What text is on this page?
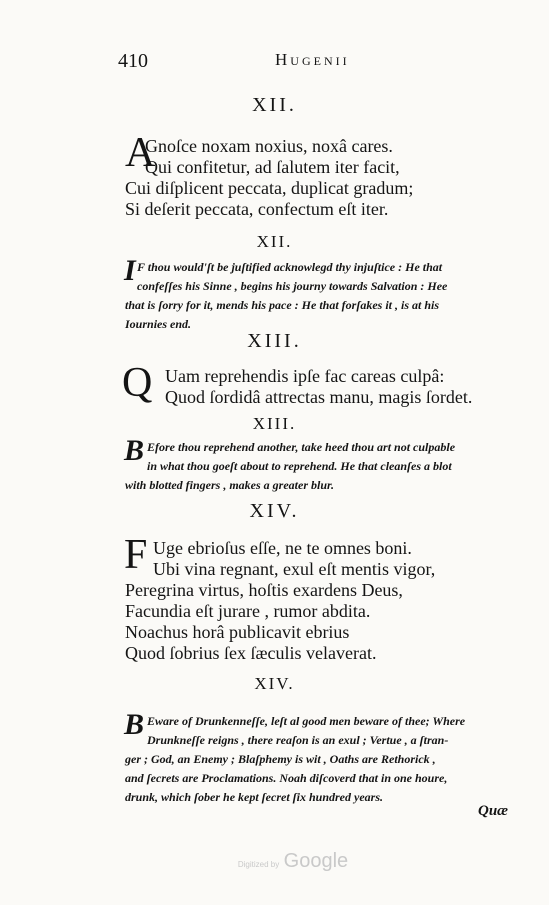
410	Hugenii
XII.
A
Gnoſce noxam noxius, noxâ cares.
Qui confitetur, ad ſalutem iter facit,
Cui diſplicent peccata, duplicat gradum;
Si deſerit peccata, confectum eſt iter.
XII.
I F thou would'ſt be juſtified acknowlegd thy injuſtice : He that
confeſſes his Sinne , begins his journy towards Salvation : Hee
that is ſorry for it, mends his pace : He that forſakes it , is at his
Iournies end.
XIII.
Q Uam reprehendis ipſe fac careas culpâ:
Quod ſordidâ attrectas manu, magis ſordet.
XIII.
B Efore thou reprehend another, take heed thou art not culpable
in what thou goeſt about to reprehend. He that cleanſes a blot
with blotted fingers , makes a greater blur.
XIV.
F Uge ebrioſus eſſe, ne te omnes boni.
Ubi vina regnant, exul eſt mentis vigor,
Peregrina virtus, hoſtis exardens Deus,
Facundia eſt jurare , rumor abdita.
Noachus horâ publicavit ebrius
Quod ſobrius ſex ſæculis velaverat.
XIV.
B Eware of Drunkenneſſe, leſt al good men beware of thee; Where
Drunkneſſe reigns , there reaſon is an exul ; Vertue , a ſtran-
ger ; God, an Enemy ; Blaſphemy is wit , Oaths are Rethorick ,
and ſecrets are Proclamations. Noah diſcoverd that in one houre,
drunk, which ſober he kept ſecret ſix hundred years.
Quæ
Digitized by Google
